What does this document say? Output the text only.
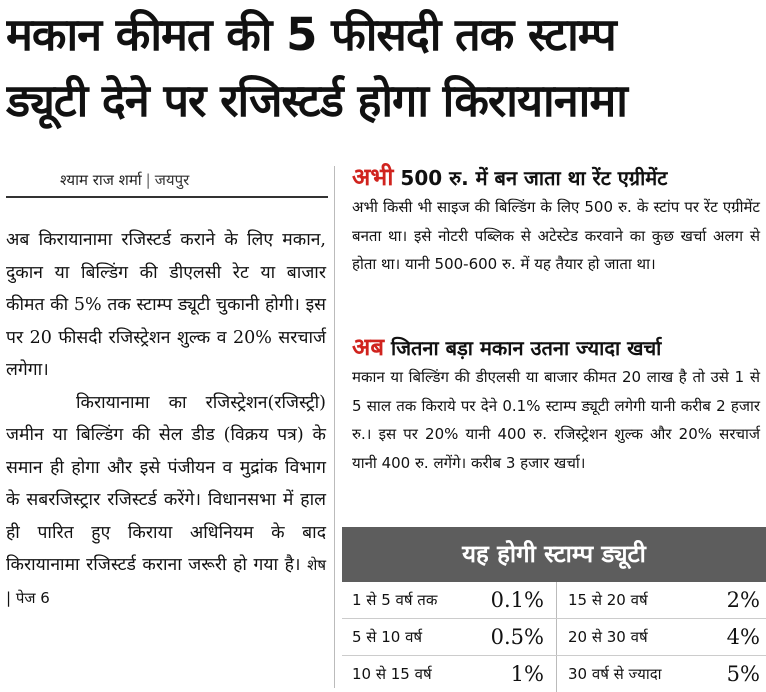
मकान कीमत की 5 फीसदी तक स्टाम्प
ड्यूटी देने पर रजिस्टर्ड होगा किरायानामा
श्याम राज शर्मा | जयपुर

अब किरायानामा रजिस्टर्ड कराने के लिए मकान, दुकान या बिल्डिंग की डीएलसी रेट या बाजार कीमत की 5% तक स्टाम्प ड्यूटी चुकानी होगी। इस पर 20 फीसदी रजिस्ट्रेशन शुल्क व 20% सरचार्ज लगेगा।

किरायानामा का रजिस्ट्रेशन(रजिस्ट्री) जमीन या बिल्डिंग की सेल डीड (विक्रय पत्र) के समान ही होगा और इसे पंजीयन व मुद्रांक विभाग के सबरजिस्ट्रार रजिस्टर्ड करेंगे। विधानसभा में हाल ही पारित हुए किराया अधिनियम के बाद किरायानामा रजिस्टर्ड कराना जरूरी हो गया है। शेष | पेज 6

अभी 500 रु. में बन जाता था रेंट एग्रीमेंट
अभी किसी भी साइज की बिल्डिंग के लिए 500 रु. के स्टांप पर रेंट एग्रीमेंट बनता था। इसे नोटरी पब्लिक से अटेस्टेड करवाने का कुछ खर्चा अलग से होता था। यानी 500-600 रु. में यह तैयार हो जाता था।
अब जितना बड़ा मकान उतना ज्यादा खर्चा
मकान या बिल्डिंग की डीएलसी या बाजार कीमत 20 लाख है तो उसे 1 से 5 साल तक किराये पर देने 0.1% स्टाम्प ड्यूटी लगेगी यानी करीब 2 हजार रु.। इस पर 20% यानी 400 रु. रजिस्ट्रेशन शुल्क और 20% सरचार्ज यानी 400 रु. लगेंगे। करीब 3 हजार खर्चा।
यह होगी स्टाम्प ड्यूटी
1 से 5 वर्ष तक	0.1% 15 से 20 वर्ष	2%
5 से 10 वर्ष	0.5% 20 से 30 वर्ष	4%
10 से 15 वर्ष	1% 30 वर्ष से ज्यादा	5%
